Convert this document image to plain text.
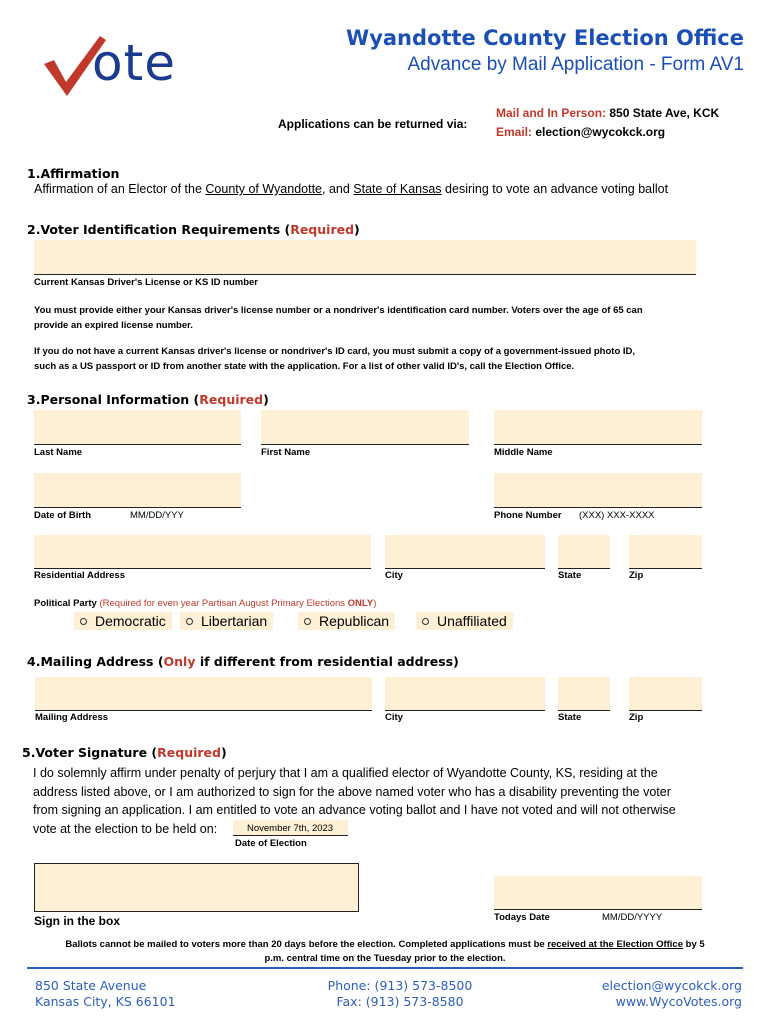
ote	Wyandotte County Election Office
Advance by Mail Application - Form AV1
Applications can be returned via:
Mail and In Person: 850 State Ave, KCK
Email: election@wycokck.org
1.Affirmation
Affirmation of an Elector of the County of Wyandotte, and State of Kansas desiring to vote an advance voting ballot
2.Voter Identification Requirements (Required)
Current Kansas Driver's License or KS ID number
You must provide either your Kansas driver's license number or a nondriver's identification card number. Voters over the age of 65 can
provide an expired license number.
If you do not have a current Kansas driver's license or nondriver's ID card, you must submit a copy of a government-issued photo ID,
such as a US passport or ID from another state with the application. For a list of other valid ID's, call the Election Office.
3.Personal Information (Required)
Last Name	First Name	Middle Name
Date of Birth	MM/DD/YYY	Phone Number (XXX) XXX-XXXX
Residential Address	City	State	Zip
Political Party (Required for even year Partisan August Primary Elections ONLY)
Democratic	Libertarian	Republican	Unaffiliated
4.Mailing Address (Only if different from residential address)
Mailing Address	City	State	Zip
5.Voter Signature (Required)
I do solemnly affirm under penalty of perjury that I am a qualified elector of Wyandotte County, KS, residing at the
address listed above, or I am authorized to sign for the above named voter who has a disability preventing the voter
from signing an application. I am entitled to vote an advance voting ballot and I have not voted and will not otherwise
vote at the election to be held on:	November 7th, 2023
Date of Election
Sign in the box	Todays Date	MM/DD/YYYY
Ballots cannot be mailed to voters more than 20 days before the election. Completed applications must be received at the Election Office by 5
p.m. central time on the Tuesday prior to the election.
850 State Avenue
Kansas City, KS 66101
Phone: (913) 573-8500
Fax: (913) 573-8580
election@wycokck.org
www.WycoVotes.org
